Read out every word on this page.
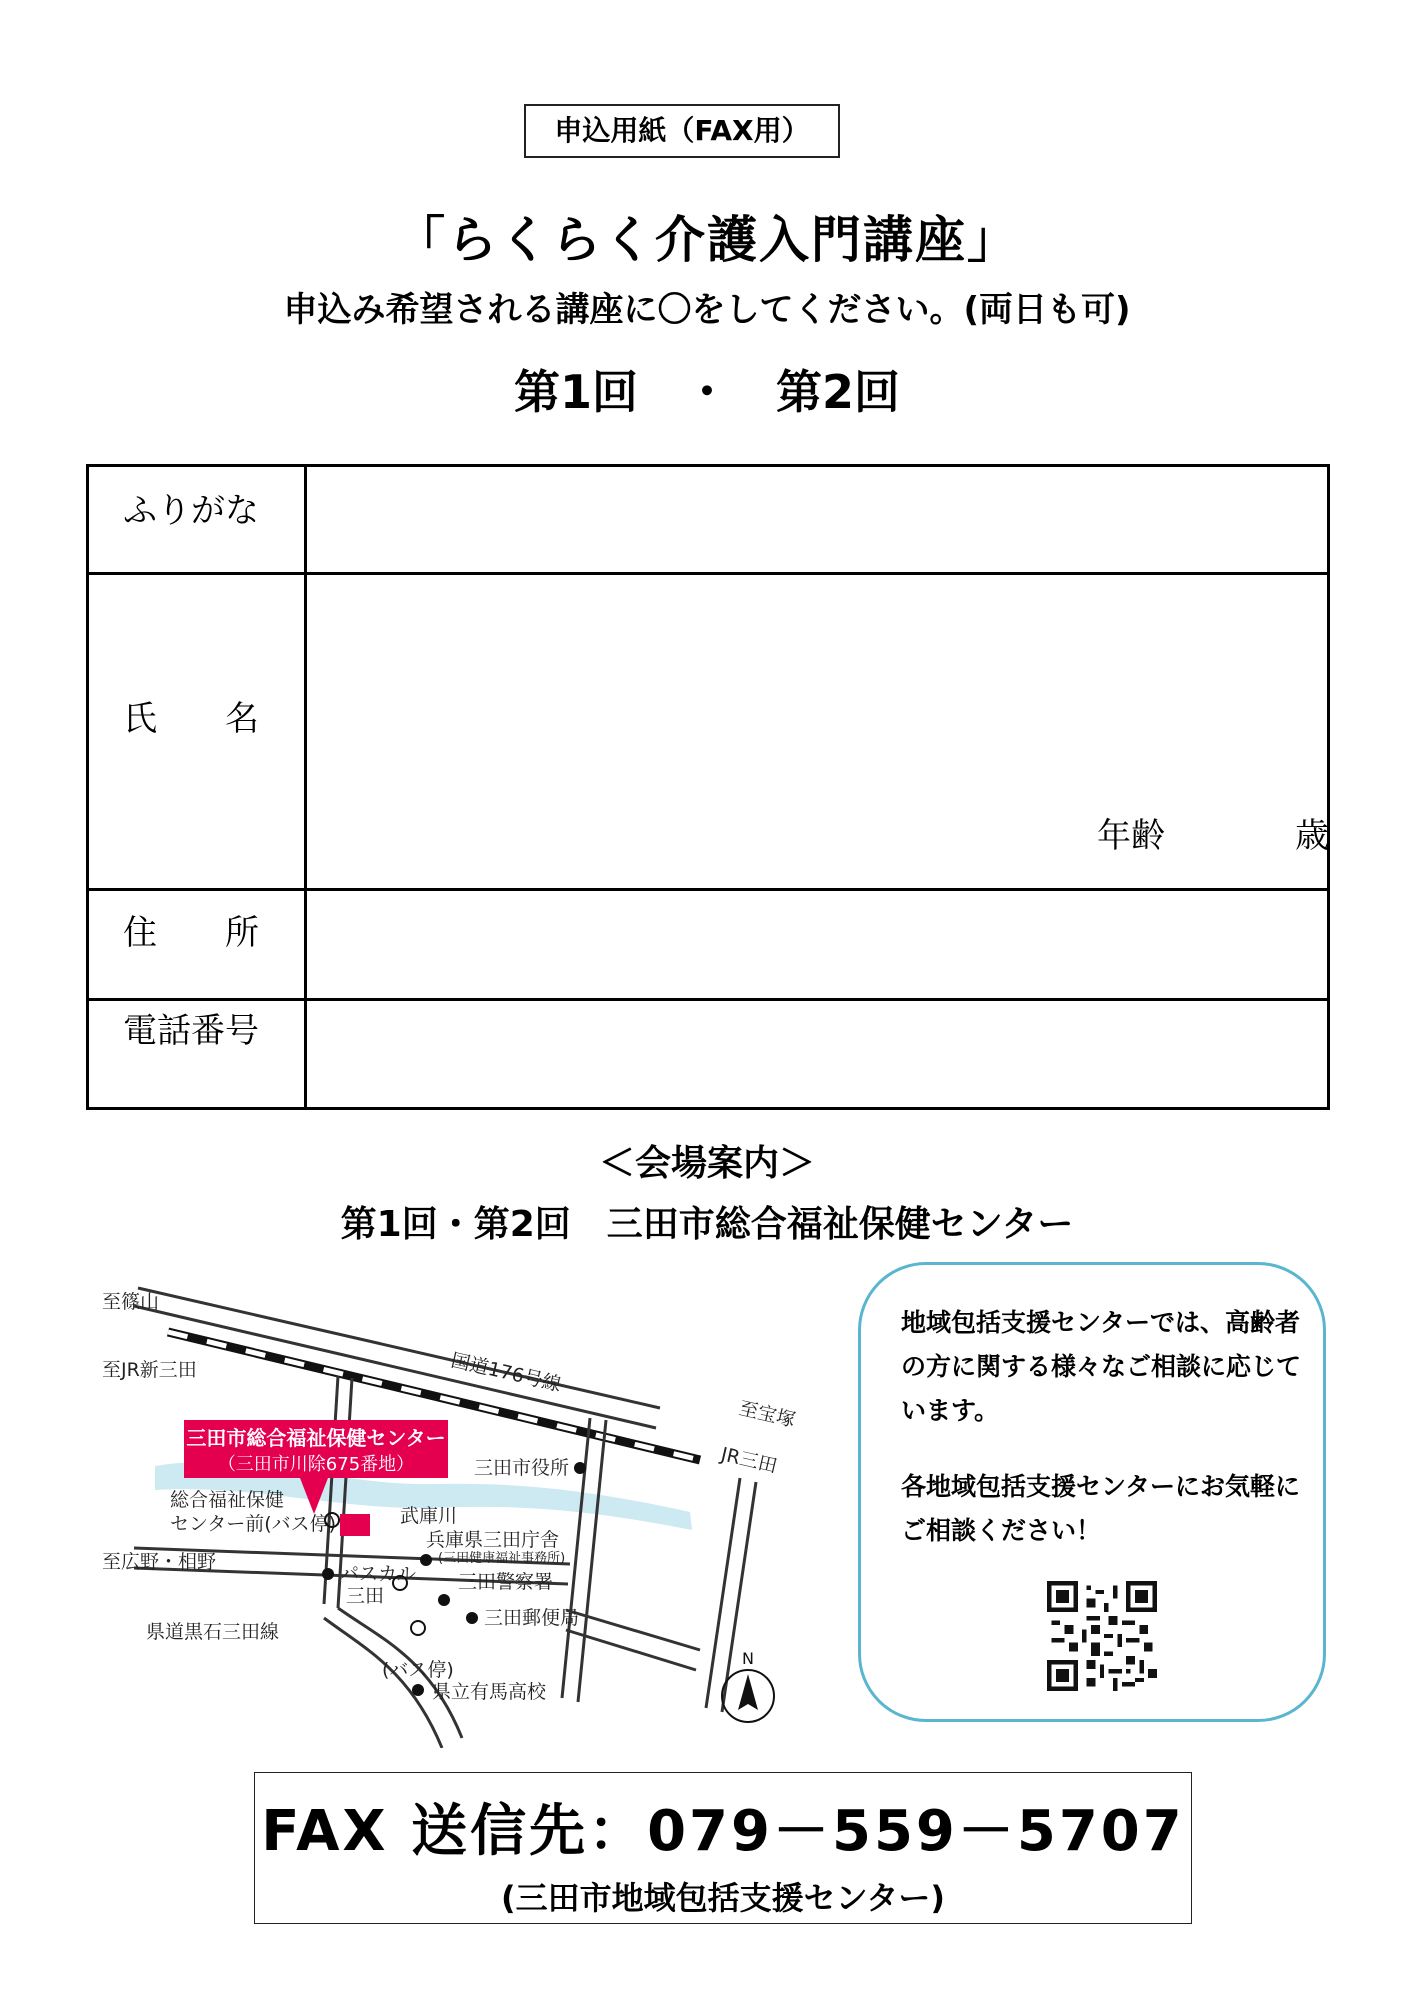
申込用紙（FAX用）
「らくらく介護入門講座」
申込み希望される講座に〇をしてください。(両日も可)
第1回　・　第2回
ふりがな
氏　　名
年齢	歳
住　　所
電話番号
＜会場案内＞
第1回・第2回　三田市総合福祉保健センター
至篠山
至JR新三田	国道176号線
至宝塚
JR三田
三田市総合福祉保健センター
（三田市川除675番地）	三田市役所
総合福祉保健
センター前(バス停)	武庫川
兵庫県三田庁舎
(三田健康福祉事務所)
至広野・相野
パスカル
三田
三田警察署
三田郵便局
県道黒石三田線
(バス停)
県立有馬高校
N
地域包括支援センターでは、高齢者の方に関する様々なご相談に応じています。
各地域包括支援センターにお気軽にご相談ください！
FAX 送信先：079－559－5707
(三田市地域包括支援センター)
